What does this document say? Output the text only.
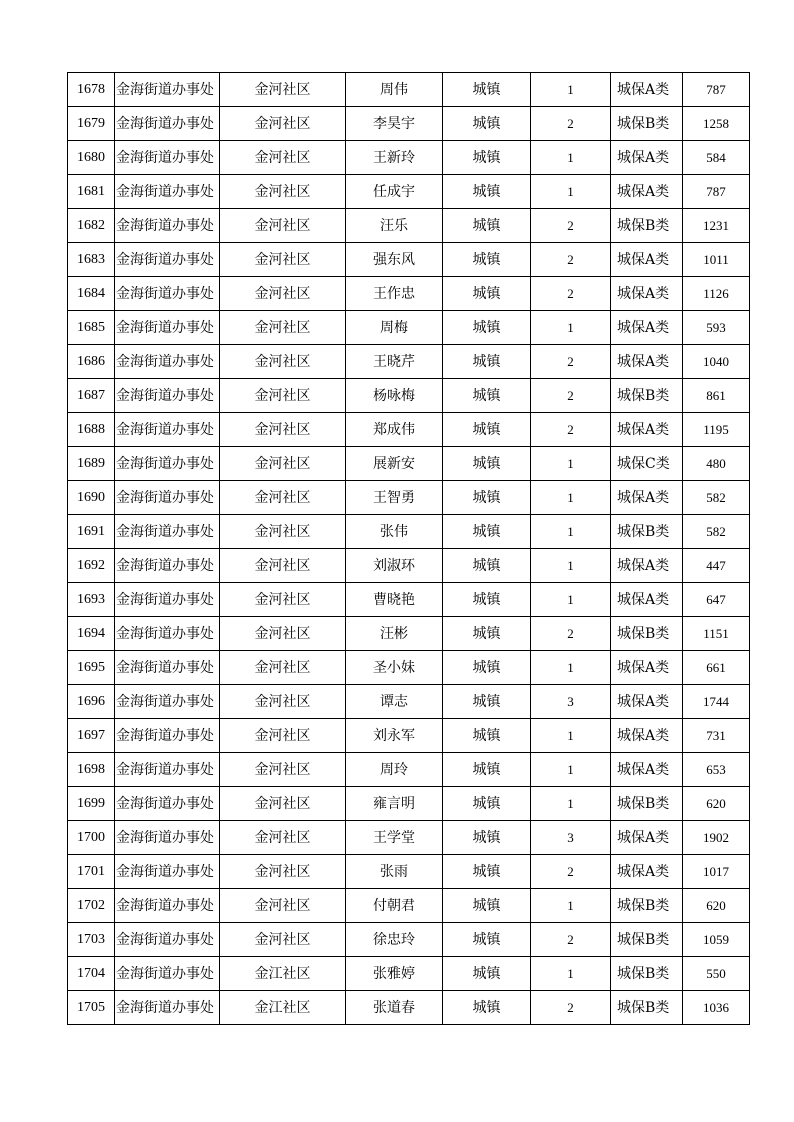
1678	金海街道办事处	金河社区	周伟	城镇	1	城保A类	787
1679	金海街道办事处	金河社区	李昊宇	城镇	2	城保B类	1258
1680	金海街道办事处	金河社区	王新玲	城镇	1	城保A类	584
1681	金海街道办事处	金河社区	任成宇	城镇	1	城保A类	787
1682	金海街道办事处	金河社区	汪乐	城镇	2	城保B类	1231
1683	金海街道办事处	金河社区	强东风	城镇	2	城保A类	1011
1684	金海街道办事处	金河社区	王作忠	城镇	2	城保A类	1126
1685	金海街道办事处	金河社区	周梅	城镇	1	城保A类	593
1686	金海街道办事处	金河社区	王晓芹	城镇	2	城保A类	1040
1687	金海街道办事处	金河社区	杨咏梅	城镇	2	城保B类	861
1688	金海街道办事处	金河社区	郑成伟	城镇	2	城保A类	1195
1689	金海街道办事处	金河社区	展新安	城镇	1	城保C类	480
1690	金海街道办事处	金河社区	王智勇	城镇	1	城保A类	582
1691	金海街道办事处	金河社区	张伟	城镇	1	城保B类	582
1692	金海街道办事处	金河社区	刘淑环	城镇	1	城保A类	447
1693	金海街道办事处	金河社区	曹晓艳	城镇	1	城保A类	647
1694	金海街道办事处	金河社区	汪彬	城镇	2	城保B类	1151
1695	金海街道办事处	金河社区	圣小妹	城镇	1	城保A类	661
1696	金海街道办事处	金河社区	谭志	城镇	3	城保A类	1744
1697	金海街道办事处	金河社区	刘永军	城镇	1	城保A类	731
1698	金海街道办事处	金河社区	周玲	城镇	1	城保A类	653
1699	金海街道办事处	金河社区	雍言明	城镇	1	城保B类	620
1700	金海街道办事处	金河社区	王学堂	城镇	3	城保A类	1902
1701	金海街道办事处	金河社区	张雨	城镇	2	城保A类	1017
1702	金海街道办事处	金河社区	付朝君	城镇	1	城保B类	620
1703	金海街道办事处	金河社区	徐忠玲	城镇	2	城保B类	1059
1704	金海街道办事处	金江社区	张雅婷	城镇	1	城保B类	550
1705	金海街道办事处	金江社区	张道春	城镇	2	城保B类	1036
